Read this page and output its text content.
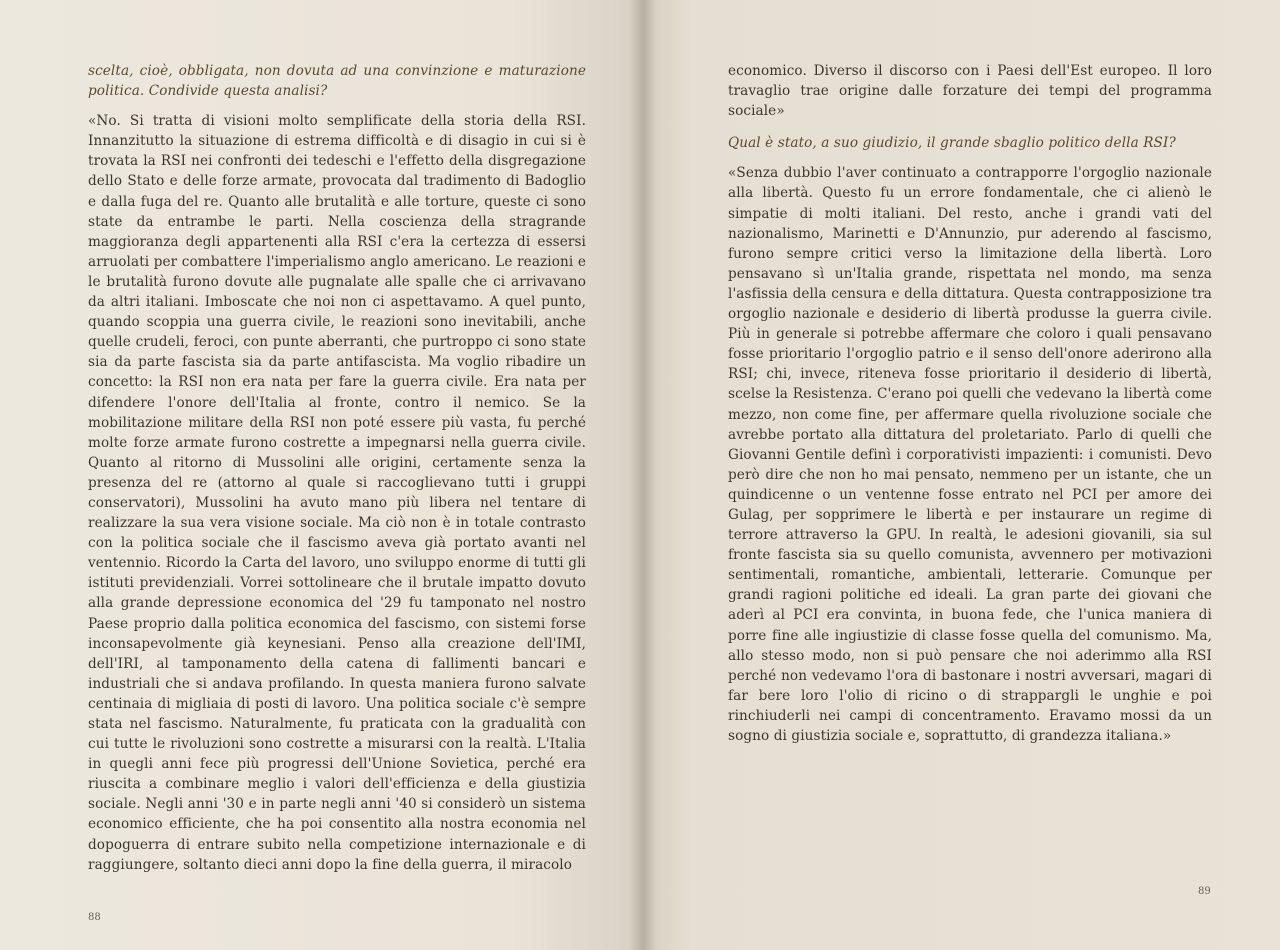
scelta, cioè, obbligata, non dovuta ad una convinzione e maturazione politica. Condivide questa analisi?

«No. Si tratta di visioni molto semplificate della storia della RSI. Innanzitutto la situazione di estrema difficoltà e di disagio in cui si è trovata la RSI nei confronti dei tedeschi e l'effetto della disgregazione dello Stato e delle forze armate, provocata dal tradimento di Badoglio e dalla fuga del re. Quanto alle brutalità e alle torture, queste ci sono state da entrambe le parti. Nella coscienza della stragrande maggioranza degli appartenenti alla RSI c'era la certezza di essersi arruolati per combattere l'imperialismo anglo americano. Le reazioni e le brutalità furono dovute alle pugnalate alle spalle che ci arrivavano da altri italiani. Imboscate che noi non ci aspettavamo. A quel punto, quando scoppia una guerra civile, le reazioni sono inevitabili, anche quelle crudeli, feroci, con punte aberranti, che purtroppo ci sono state sia da parte fascista sia da parte antifascista. Ma voglio ribadire un concetto: la RSI non era nata per fare la guerra civile. Era nata per difendere l'onore dell'Italia al fronte, contro il nemico. Se la mobilitazione militare della RSI non poté essere più vasta, fu perché molte forze armate furono costrette a impegnarsi nella guerra civile. Quanto al ritorno di Mussolini alle origini, certamente senza la presenza del re (attorno al quale si raccoglievano tutti i gruppi conservatori), Mussolini ha avuto mano più libera nel tentare di realizzare la sua vera visione sociale. Ma ciò non è in totale contrasto con la politica sociale che il fascismo aveva già portato avanti nel ventennio. Ricordo la Carta del lavoro, uno sviluppo enorme di tutti gli istituti previdenziali. Vorrei sottolineare che il brutale impatto dovuto alla grande depressione economica del '29 fu tamponato nel nostro Paese proprio dalla politica economica del fascismo, con sistemi forse inconsapevolmente già keynesiani. Penso alla creazione dell'IMI, dell'IRI, al tamponamento della catena di fallimenti bancari e industriali che si andava profilando. In questa maniera furono salvate centinaia di migliaia di posti di lavoro. Una politica sociale c'è sempre stata nel fascismo. Naturalmente, fu praticata con la gradualità con cui tutte le rivoluzioni sono costrette a misurarsi con la realtà. L'Italia in quegli anni fece più progressi dell'Unione Sovietica, perché era riuscita a combinare meglio i valori dell'efficienza e della giustizia sociale. Negli anni '30 e in parte negli anni '40 si considerò un sistema economico efficiente, che ha poi consentito alla nostra economia nel dopoguerra di entrare subito nella competizione internazionale e di raggiungere, soltanto dieci anni dopo la fine della guerra, il miracolo

88

economico. Diverso il discorso con i Paesi dell'Est europeo. Il loro travaglio trae origine dalle forzature dei tempi del programma sociale»

Qual è stato, a suo giudizio, il grande sbaglio politico della RSI?

«Senza dubbio l'aver continuato a contrapporre l'orgoglio nazionale alla libertà. Questo fu un errore fondamentale, che ci alienò le simpatie di molti italiani. Del resto, anche i grandi vati del nazionalismo, Marinetti e D'Annunzio, pur aderendo al fascismo, furono sempre critici verso la limitazione della libertà. Loro pensavano sì un'Italia grande, rispettata nel mondo, ma senza l'asfissia della censura e della dittatura. Questa contrapposizione tra orgoglio nazionale e desiderio di libertà produsse la guerra civile. Più in generale si potrebbe affermare che coloro i quali pensavano fosse prioritario l'orgoglio patrio e il senso dell'onore aderirono alla RSI; chi, invece, riteneva fosse prioritario il desiderio di libertà, scelse la Resistenza. C'erano poi quelli che vedevano la libertà come mezzo, non come fine, per affermare quella rivoluzione sociale che avrebbe portato alla dittatura del proletariato. Parlo di quelli che Giovanni Gentile definì i corporativisti impazienti: i comunisti. Devo però dire che non ho mai pensato, nemmeno per un istante, che un quindicenne o un ventenne fosse entrato nel PCI per amore dei Gulag, per sopprimere le libertà e per instaurare un regime di terrore attraverso la GPU. In realtà, le adesioni giovanili, sia sul fronte fascista sia su quello comunista, avvennero per motivazioni sentimentali, romantiche, ambientali, letterarie. Comunque per grandi ragioni politiche ed ideali. La gran parte dei giovani che aderì al PCI era convinta, in buona fede, che l'unica maniera di porre fine alle ingiustizie di classe fosse quella del comunismo. Ma, allo stesso modo, non si può pensare che noi aderimmo alla RSI perché non vedevamo l'ora di bastonare i nostri avversari, magari di far bere loro l'olio di ricino o di strappargli le unghie e poi rinchiuderli nei campi di concentramento. Eravamo mossi da un sogno di giustizia sociale e, soprattutto, di grandezza italiana.»

89
